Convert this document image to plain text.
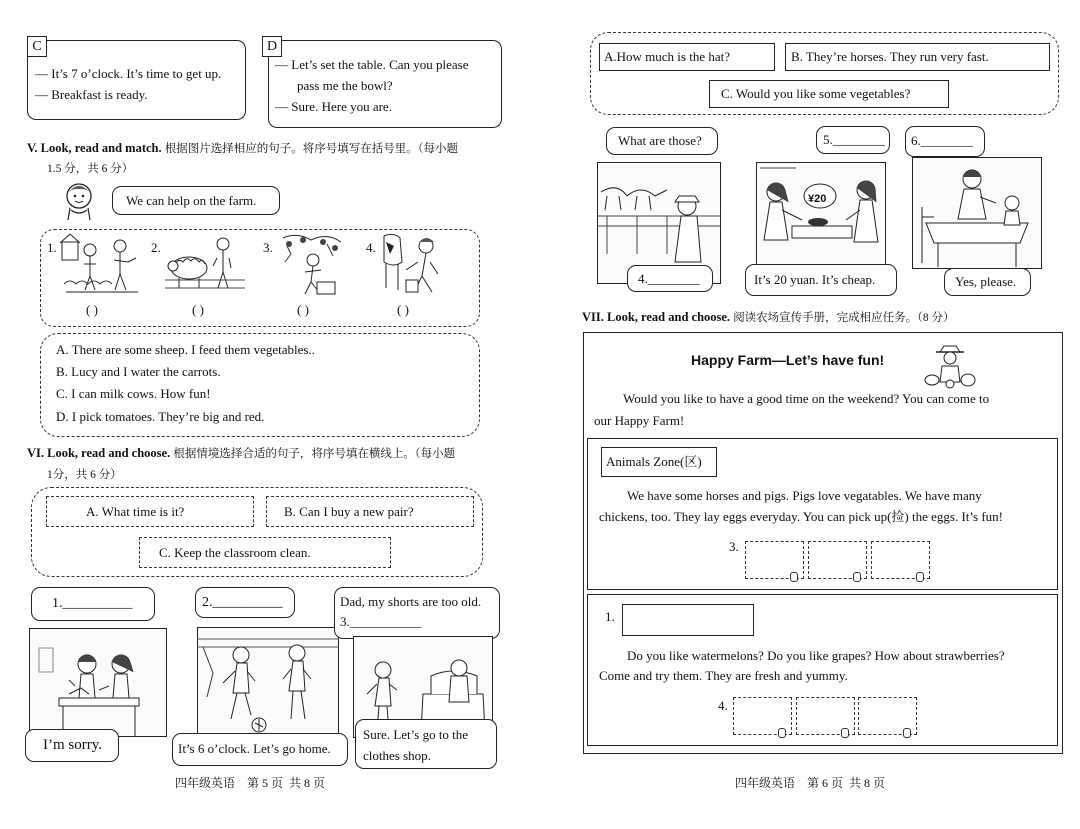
C
— It’s 7 o’clock. It’s time to get up.
— Breakfast is ready.
D
— Let’s set the table. Can you please
pass me the bowl?
— Sure. Here you are.
V. Look, read and match. 根据图片选择相应的句子。将序号填写在括号里。（每小题
1.5 分，共 6 分）
We can help on the farm.
1.	2.	3.	4.
( )	( )	( )	( )
A. There are some sheep. I feed them vegetables..
B. Lucy and I water the carrots.
C. I can milk cows. How fun!
D. I pick tomatoes. They’re big and red.
VI. Look, read and choose. 根据情境选择合适的句子，将序号填在横线上。（每小题
1分，共 6 分）
A. What time is it?	B. Can I buy a new pair?
C. Keep the classroom clean.
1.__________
I’m sorry.
2.__________
It’s 6 o’clock. Let’s go home.
Dad, my shorts are too old.
3.___________
Sure. Let’s go to the
clothes shop.
四年级英语    第 5 页  共 8 页
A.How much is the hat?	B. They’re horses. They run very fast.
C. Would you like some vegetables?
What are those?
4.________
5.________
¥20
It’s 20 yuan. It’s cheap.
6.________
Yes, please.
VII. Look, read and choose. 阅读农场宣传手册，完成相应任务。（8 分）
Happy Farm—Let’s have fun!
Would you like to have a good time on the weekend? You can come to
our Happy Farm!
Animals Zone(区)
We have some horses and pigs. Pigs love vegatables. We have many
chickens, too. They lay eggs everyday. You can pick up(捡) the eggs. It’s fun!
3.
1.
Do you like watermelons? Do you like grapes? How about strawberries?
Come and try them. They are fresh and yummy.
4.
四年级英语    第 6 页  共 8 页
